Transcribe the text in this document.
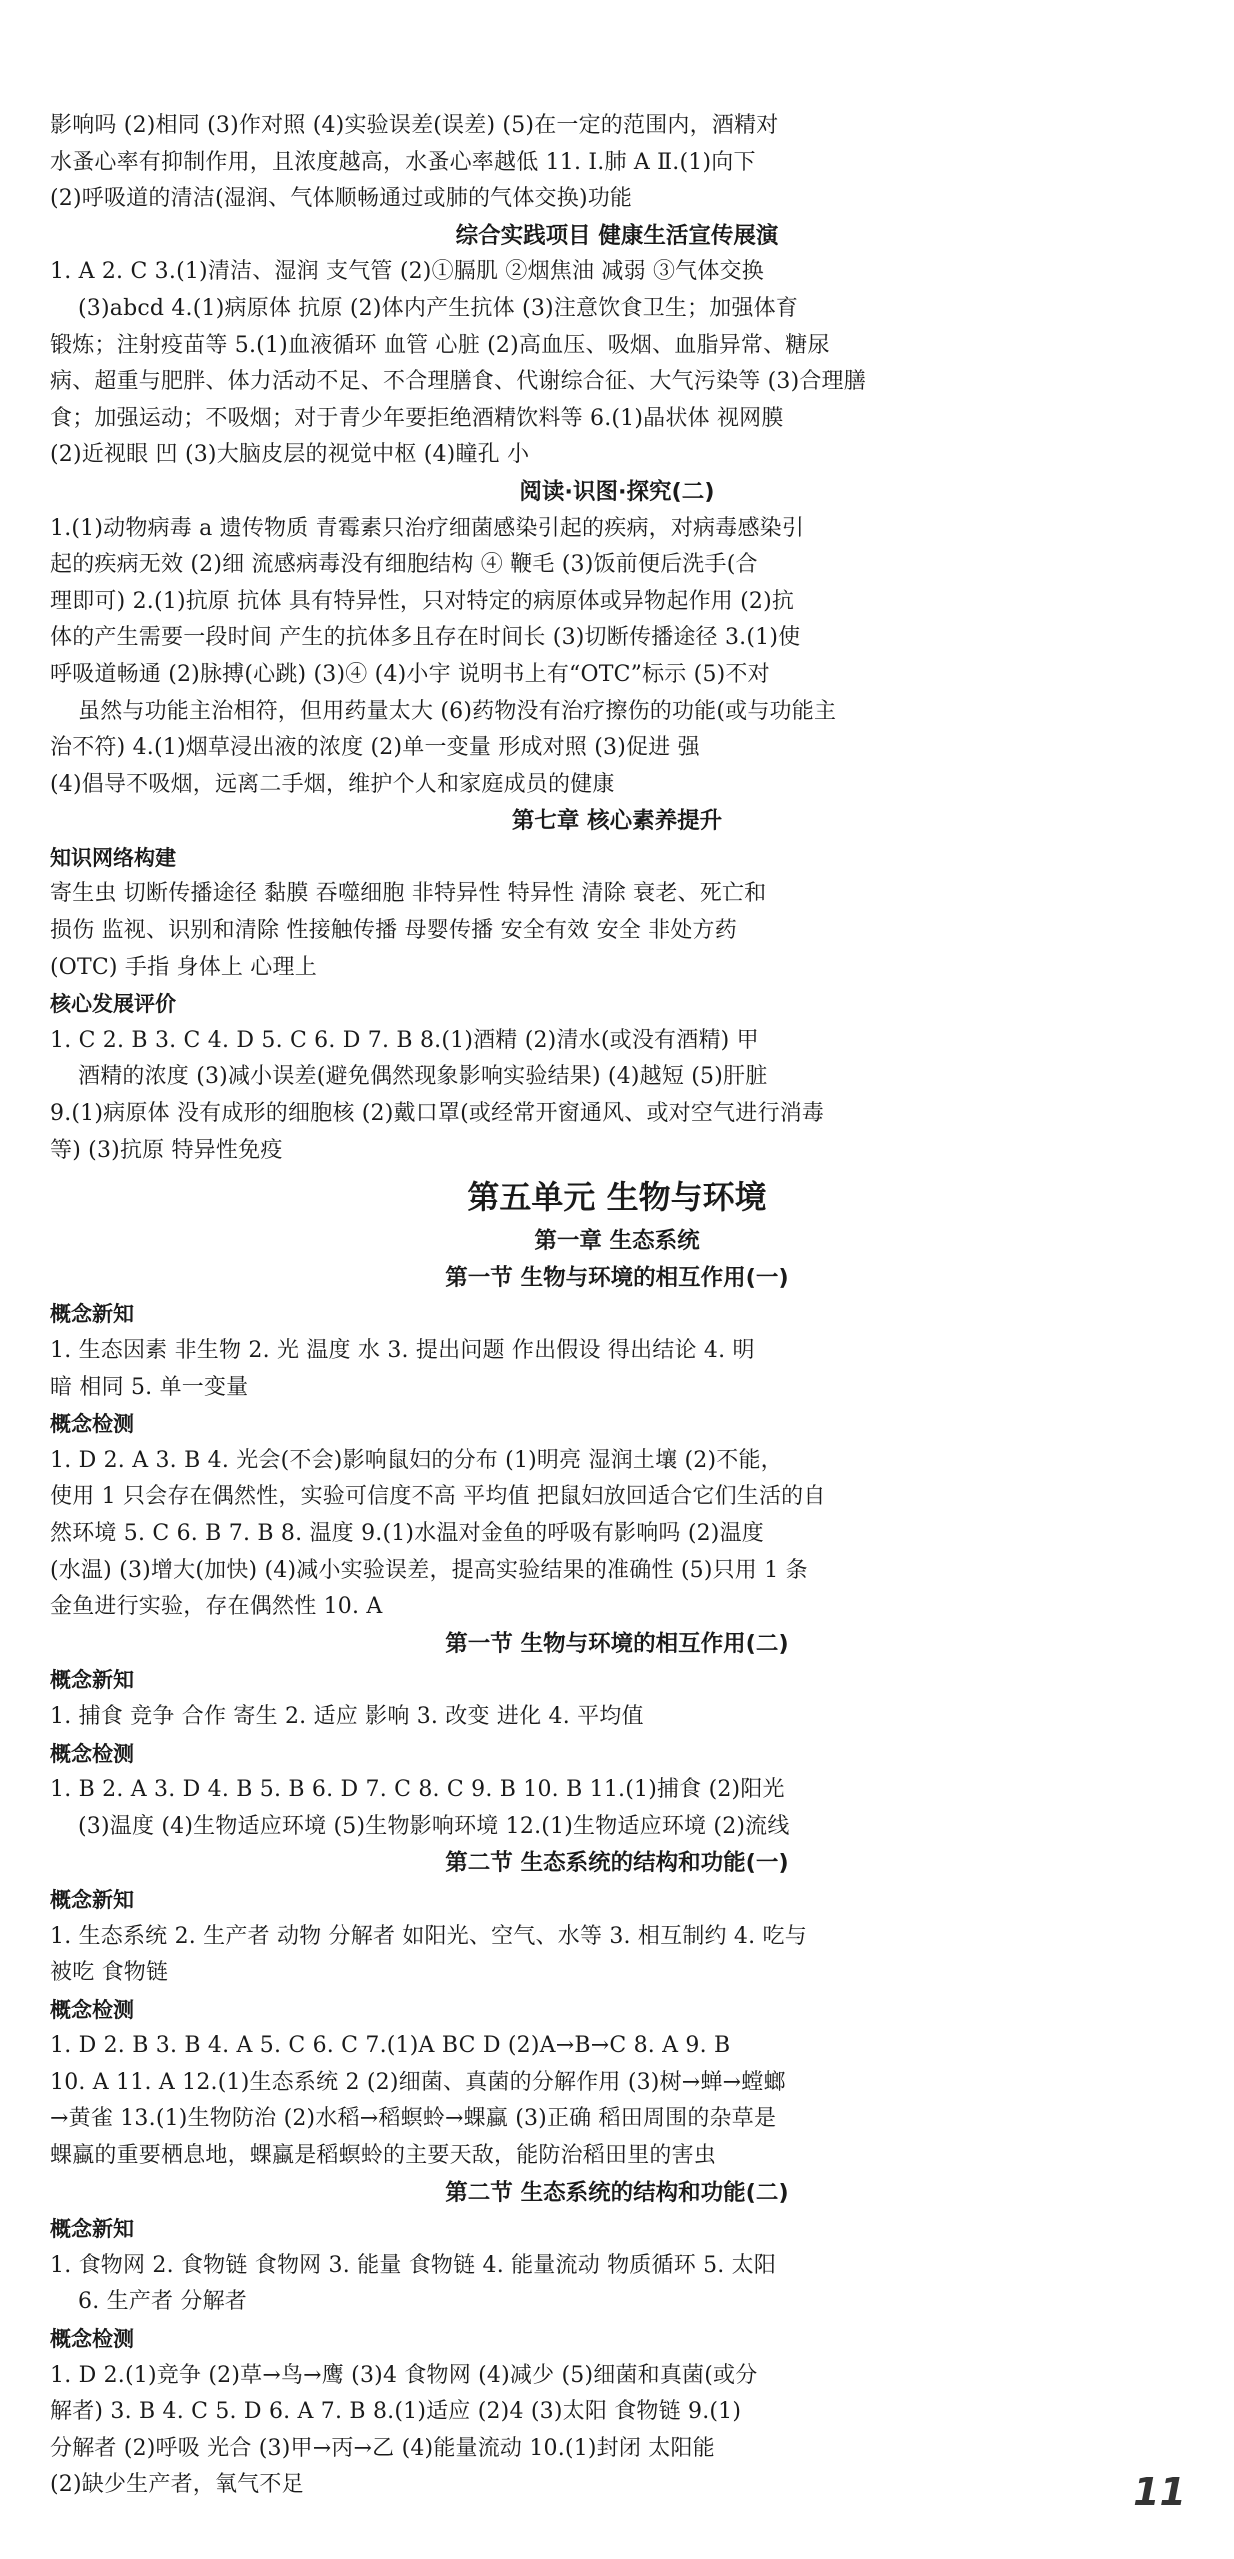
影响吗 (2)相同 (3)作对照 (4)实验误差(误差) (5)在一定的范围内，酒精对
水蚤心率有抑制作用，且浓度越高，水蚤心率越低 11. Ⅰ.肺 A Ⅱ.(1)向下
(2)呼吸道的清洁(湿润、气体顺畅通过或肺的气体交换)功能
综合实践项目 健康生活宣传展演
1. A 2. C 3.(1)清洁、湿润 支气管 (2)①膈肌 ②烟焦油 减弱 ③气体交换
(3)abcd 4.(1)病原体 抗原 (2)体内产生抗体 (3)注意饮食卫生；加强体育
锻炼；注射疫苗等 5.(1)血液循环 血管 心脏 (2)高血压、吸烟、血脂异常、糖尿
病、超重与肥胖、体力活动不足、不合理膳食、代谢综合征、大气污染等 (3)合理膳
食；加强运动；不吸烟；对于青少年要拒绝酒精饮料等 6.(1)晶状体 视网膜
(2)近视眼 凹 (3)大脑皮层的视觉中枢 (4)瞳孔 小
阅读·识图·探究(二)
1.(1)动物病毒 a 遗传物质 青霉素只治疗细菌感染引起的疾病，对病毒感染引
起的疾病无效 (2)细 流感病毒没有细胞结构 ④ 鞭毛 (3)饭前便后洗手(合
理即可) 2.(1)抗原 抗体 具有特异性，只对特定的病原体或异物起作用 (2)抗
体的产生需要一段时间 产生的抗体多且存在时间长 (3)切断传播途径 3.(1)使
呼吸道畅通 (2)脉搏(心跳) (3)④ (4)小宇 说明书上有“OTC”标示 (5)不对
虽然与功能主治相符，但用药量太大 (6)药物没有治疗擦伤的功能(或与功能主
治不符) 4.(1)烟草浸出液的浓度 (2)单一变量 形成对照 (3)促进 强
(4)倡导不吸烟，远离二手烟，维护个人和家庭成员的健康
第七章 核心素养提升
知识网络构建
寄生虫 切断传播途径 黏膜 吞噬细胞 非特异性 特异性 清除 衰老、死亡和
损伤 监视、识别和清除 性接触传播 母婴传播 安全有效 安全 非处方药
(OTC) 手指 身体上 心理上
核心发展评价
1. C 2. B 3. C 4. D 5. C 6. D 7. B 8.(1)酒精 (2)清水(或没有酒精) 甲
酒精的浓度 (3)减小误差(避免偶然现象影响实验结果) (4)越短 (5)肝脏
9.(1)病原体 没有成形的细胞核 (2)戴口罩(或经常开窗通风、或对空气进行消毒
等) (3)抗原 特异性免疫
第五单元 生物与环境
第一章 生态系统
第一节 生物与环境的相互作用(一)
概念新知
1. 生态因素 非生物 2. 光 温度 水 3. 提出问题 作出假设 得出结论 4. 明
暗 相同 5. 单一变量
概念检测
1. D 2. A 3. B 4. 光会(不会)影响鼠妇的分布 (1)明亮 湿润土壤 (2)不能，
使用 1 只会存在偶然性，实验可信度不高 平均值 把鼠妇放回适合它们生活的自
然环境 5. C 6. B 7. B 8. 温度 9.(1)水温对金鱼的呼吸有影响吗 (2)温度
(水温) (3)增大(加快) (4)减小实验误差，提高实验结果的准确性 (5)只用 1 条
金鱼进行实验，存在偶然性 10. A
第一节 生物与环境的相互作用(二)
概念新知
1. 捕食 竞争 合作 寄生 2. 适应 影响 3. 改变 进化 4. 平均值
概念检测
1. B 2. A 3. D 4. B 5. B 6. D 7. C 8. C 9. B 10. B 11.(1)捕食 (2)阳光
(3)温度 (4)生物适应环境 (5)生物影响环境 12.(1)生物适应环境 (2)流线
第二节 生态系统的结构和功能(一)
概念新知
1. 生态系统 2. 生产者 动物 分解者 如阳光、空气、水等 3. 相互制约 4. 吃与
被吃 食物链
概念检测
1. D 2. B 3. B 4. A 5. C 6. C 7.(1)A BC D (2)A→B→C 8. A 9. B
10. A 11. A 12.(1)生态系统 2 (2)细菌、真菌的分解作用 (3)树→蝉→螳螂
→黄雀 13.(1)生物防治 (2)水稻→稻螟蛉→蜾蠃 (3)正确 稻田周围的杂草是
蜾蠃的重要栖息地，蜾蠃是稻螟蛉的主要天敌，能防治稻田里的害虫
第二节 生态系统的结构和功能(二)
概念新知
1. 食物网 2. 食物链 食物网 3. 能量 食物链 4. 能量流动 物质循环 5. 太阳
6. 生产者 分解者
概念检测
1. D 2.(1)竞争 (2)草→鸟→鹰 (3)4 食物网 (4)减少 (5)细菌和真菌(或分
解者) 3. B 4. C 5. D 6. A 7. B 8.(1)适应 (2)4 (3)太阳 食物链 9.(1)
分解者 (2)呼吸 光合 (3)甲→丙→乙 (4)能量流动 10.(1)封闭 太阳能
(2)缺少生产者，氧气不足	11
